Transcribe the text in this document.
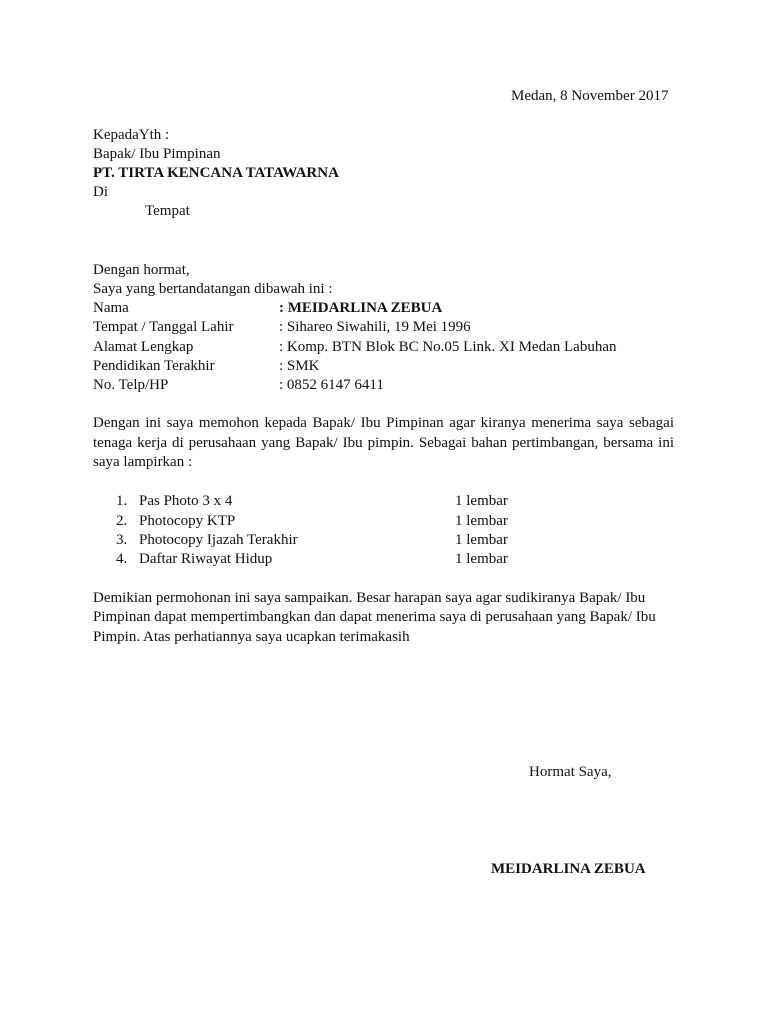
Medan, 8 November 2017
KepadaYth :
Bapak/ Ibu Pimpinan
PT. TIRTA KENCANA TATAWARNA
Di
Tempat
Dengan hormat,
Saya yang bertandatangan dibawah ini :
Nama	: MEIDARLINA ZEBUA
Tempat / Tanggal Lahir	: Sihareo Siwahili, 19 Mei 1996
Alamat Lengkap	: Komp. BTN Blok BC No.05 Link. XI Medan Labuhan
Pendidikan Terakhir	: SMK
No. Telp/HP	: 0852 6147 6411
Dengan ini saya memohon kepada Bapak/ Ibu Pimpinan agar kiranya menerima saya sebagai tenaga kerja di perusahaan yang Bapak/ Ibu pimpin. Sebagai bahan pertimbangan, bersama ini saya lampirkan :
1. Pas Photo 3 x 4	1 lembar
2. Photocopy KTP	1 lembar
3. Photocopy Ijazah Terakhir	1 lembar
4. Daftar Riwayat Hidup	1 lembar
Demikian permohonan ini saya sampaikan. Besar harapan saya agar sudikiranya Bapak/ Ibu
Pimpinan dapat mempertimbangkan dan dapat menerima saya di perusahaan yang Bapak/ Ibu
Pimpin. Atas perhatiannya saya ucapkan terimakasih
Hormat Saya,
MEIDARLINA ZEBUA
